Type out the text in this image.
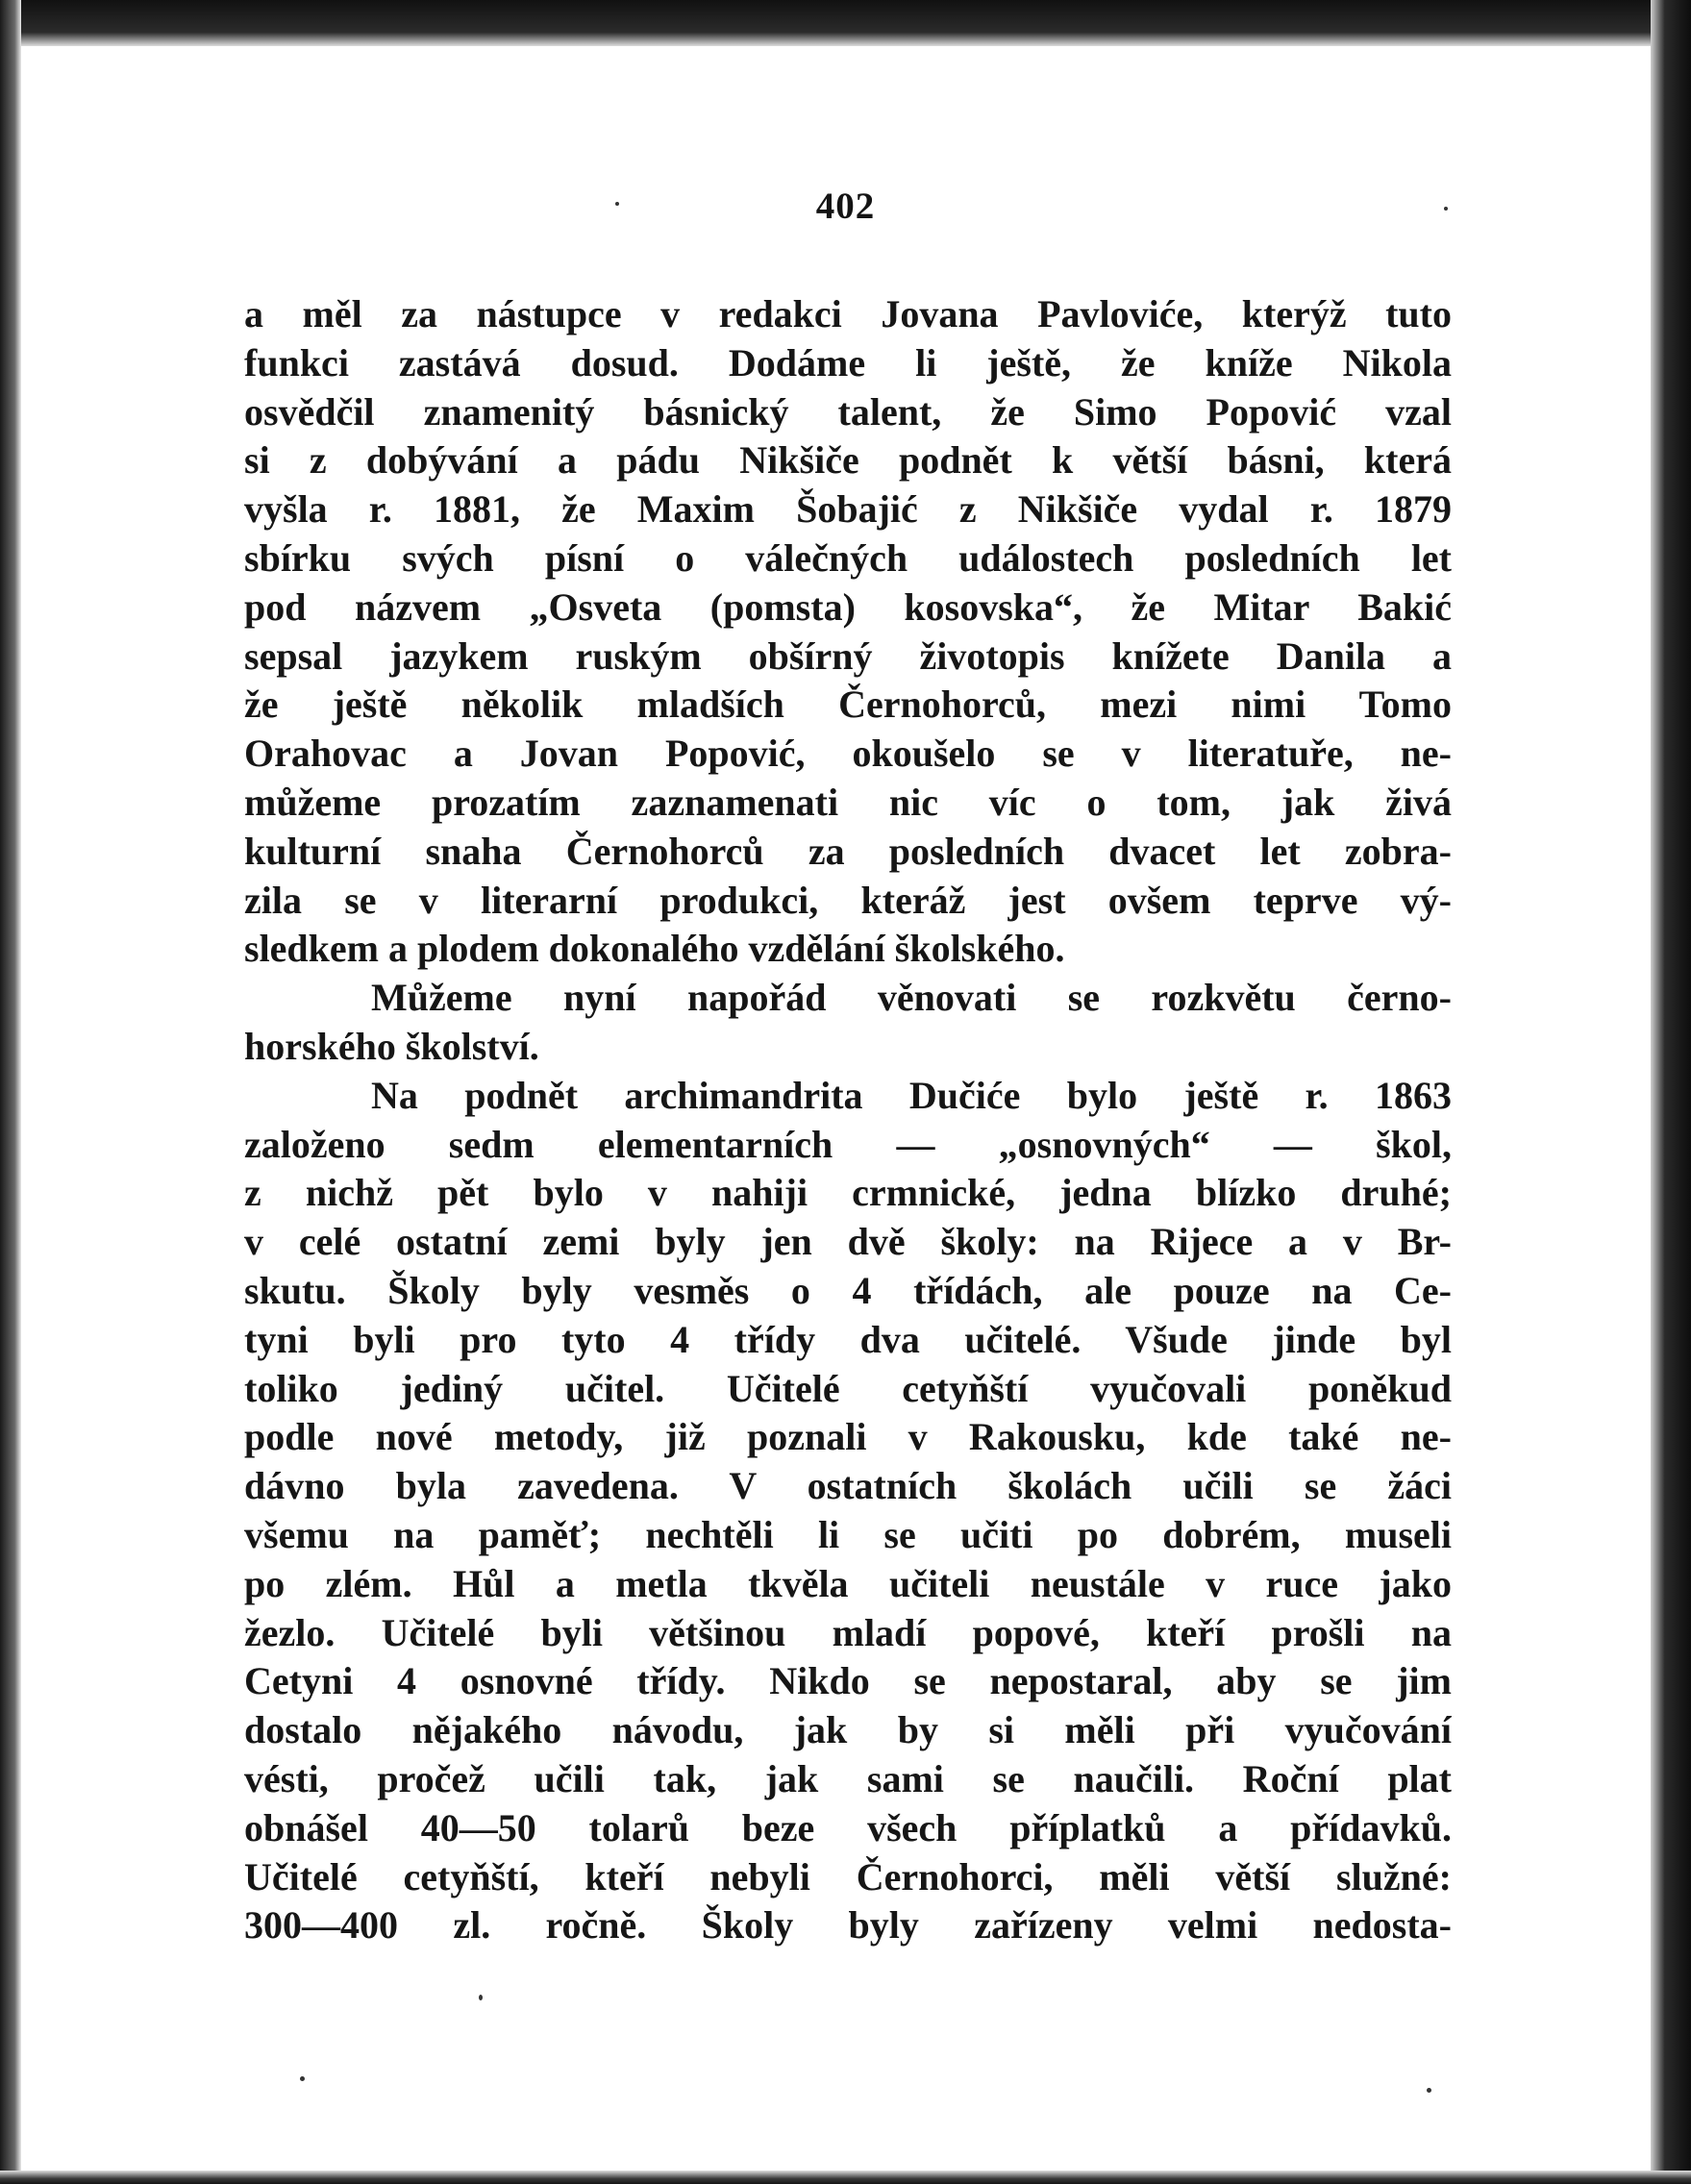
402
a měl za nástupce v redakci Jovana Pavloviće, kterýž tuto
funkci zastává dosud. Dodáme li ještě, že kníže Nikola
osvědčil znamenitý básnický talent, že Simo Popović vzal
si z dobývání a pádu Nikšiče podnět k větší básni, která
vyšla r. 1881, že Maxim Šobajić z Nikšiče vydal r. 1879
sbírku svých písní o válečných událostech posledních let
pod názvem „Osveta (pomsta) kosovska“, že Mitar Bakić
sepsal jazykem ruským obšírný životopis knížete Danila a
že ještě několik mladších Černohorců, mezi nimi Tomo
Orahovac a Jovan Popović, okoušelo se v literatuře, ne-
můžeme prozatím zaznamenati nic víc o tom, jak živá
kulturní snaha Černohorců za posledních dvacet let zobra-
zila se v literarní produkci, kteráž jest ovšem teprve vý-
sledkem a plodem dokonalého vzdělání školského.
Můžeme nyní napořád věnovati se rozkvětu černo-
horského školství.
Na podnět archimandrita Dučiće bylo ještě r. 1863
založeno sedm elementarních — „osnovných“ — škol,
z nichž pět bylo v nahiji crmnické, jedna blízko druhé;
v celé ostatní zemi byly jen dvě školy: na Rijece a v Br-
skutu. Školy byly vesměs o 4 třídách, ale pouze na Ce-
tyni byli pro tyto 4 třídy dva učitelé. Všude jinde byl
toliko jediný učitel. Učitelé cetyňští vyučovali poněkud
podle nové metody, již poznali v Rakousku, kde také ne-
dávno byla zavedena. V ostatních školách učili se žáci
všemu na paměť; nechtěli li se učiti po dobrém, museli
po zlém. Hůl a metla tkvěla učiteli neustále v ruce jako
žezlo. Učitelé byli většinou mladí popové, kteří prošli na
Cetyni 4 osnovné třídy. Nikdo se nepostaral, aby se jim
dostalo nějakého návodu, jak by si měli při vyučování
vésti, pročež učili tak, jak sami se naučili. Roční plat
obnášel 40—50 tolarů beze všech příplatků a přídavků.
Učitelé cetyňští, kteří nebyli Černohorci, měli větší služné:
300—400 zl. ročně. Školy byly zařízeny velmi nedosta-
